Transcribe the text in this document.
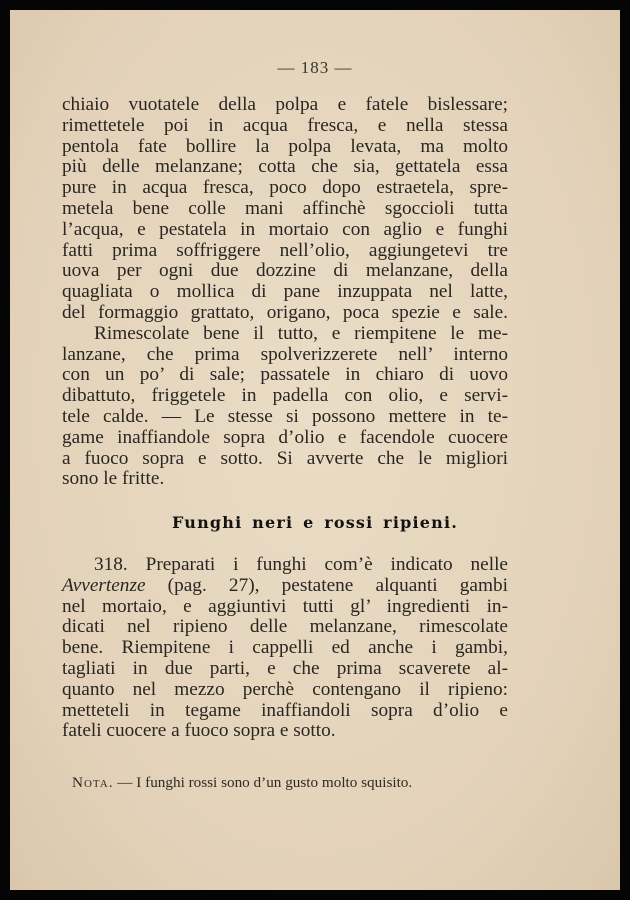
— 183 —
chiaio vuotatele della polpa e fatele bislessare;
rimettetele poi in acqua fresca, e nella stessa
pentola fate bollire la polpa levata, ma molto
più delle melanzane; cotta che sia, gettatela essa
pure in acqua fresca, poco dopo estraetela, spre-
metela bene colle mani affinchè sgoccioli tutta
l’acqua, e pestatela in mortaio con aglio e funghi
fatti prima soffriggere nell’olio, aggiungetevi tre
uova per ogni due dozzine di melanzane, della
quagliata o mollica di pane inzuppata nel latte,
del formaggio grattato, origano, poca spezie e sale.
Rimescolate bene il tutto, e riempitene le me-
lanzane, che prima spolverizzerete nell’ interno
con un po’ di sale; passatele in chiaro di uovo
dibattuto, friggetele in padella con olio, e servi-
tele calde. — Le stesse si possono mettere in te-
game inaffiandole sopra d’olio e facendole cuocere
a fuoco sopra e sotto. Si avverte che le migliori
sono le fritte.
Funghi neri e rossi ripieni.
318. Preparati i funghi com’è indicato nelle
Avvertenze (pag. 27), pestatene alquanti gambi
nel mortaio, e aggiuntivi tutti gl’ ingredienti in-
dicati nel ripieno delle melanzane, rimescolate
bene. Riempitene i cappelli ed anche i gambi,
tagliati in due parti, e che prima scaverete al-
quanto nel mezzo perchè contengano il ripieno:
metteteli in tegame inaffiandoli sopra d’olio e
fateli cuocere a fuoco sopra e sotto.
Nota. — I funghi rossi sono d’un gusto molto squisito.
